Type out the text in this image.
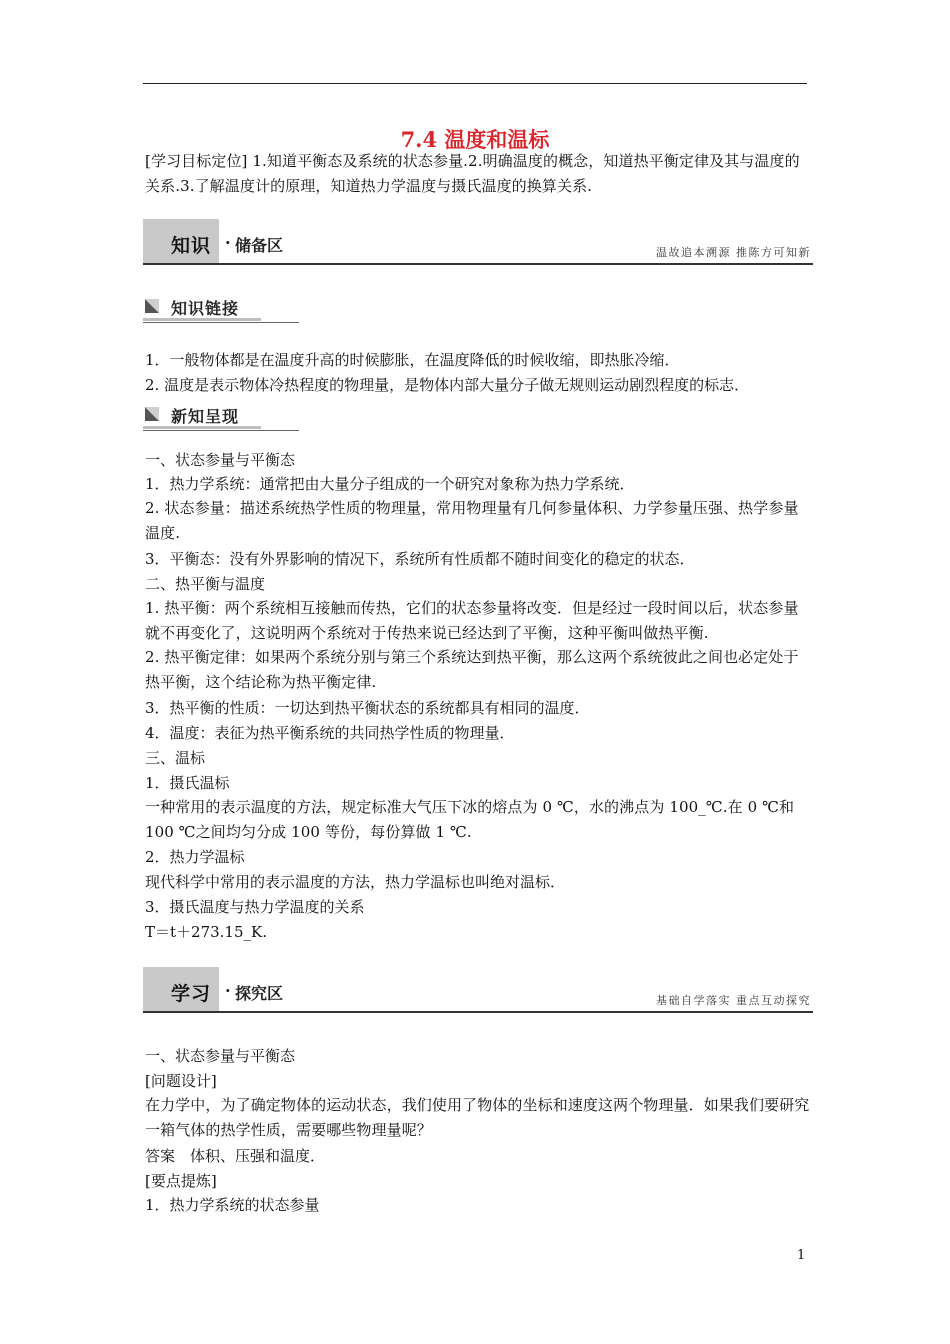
7.4 温度和温标
[学习目标定位] 1.知道平衡态及系统的状态参量.2.明确温度的概念，知道热平衡定律及其与温度的关系.3.了解温度计的原理，知道热力学温度与摄氏温度的换算关系.
知识 · 储备区	温故追本溯源 推陈方可知新
知识链接
1．一般物体都是在温度升高的时候膨胀，在温度降低的时候收缩，即热胀冷缩．
2. 温度是表示物体冷热程度的物理量，是物体内部大量分子做无规则运动剧烈程度的标志．
新知呈现
一、状态参量与平衡态
1．热力学系统：通常把由大量分子组成的一个研究对象称为热力学系统．
2. 状态参量：描述系统热学性质的物理量，常用物理量有几何参量体积、力学参量压强、热学参量温度.
3．平衡态：没有外界影响的情况下，系统所有性质都不随时间变化的稳定的状态．
二、热平衡与温度
1. 热平衡：两个系统相互接触而传热，它们的状态参量将改变．但是经过一段时间以后，状态参量就不再变化了，这说明两个系统对于传热来说已经达到了平衡，这种平衡叫做热平衡.
2. 热平衡定律：如果两个系统分别与第三个系统达到热平衡，那么这两个系统彼此之间也必定处于热平衡，这个结论称为热平衡定律.
3．热平衡的性质：一切达到热平衡状态的系统都具有相同的温度．
4．温度：表征为热平衡系统的共同热学性质的物理量．
三、温标
1．摄氏温标
一种常用的表示温度的方法，规定标准大气压下冰的熔点为 0 ℃，水的沸点为 100_℃.在 0 ℃和 100 ℃之间均匀分成 100 等份，每份算做 1 ℃.
2．热力学温标
现代科学中常用的表示温度的方法，热力学温标也叫绝对温标．
3．摄氏温度与热力学温度的关系
T＝t＋273.15_K.
学习 · 探究区	基础自学落实 重点互动探究
一、状态参量与平衡态
[问题设计]
在力学中，为了确定物体的运动状态，我们使用了物体的坐标和速度这两个物理量．如果我们要研究一箱气体的热学性质，需要哪些物理量呢？
答案　体积、压强和温度．
[要点提炼]
1．热力学系统的状态参量
1
